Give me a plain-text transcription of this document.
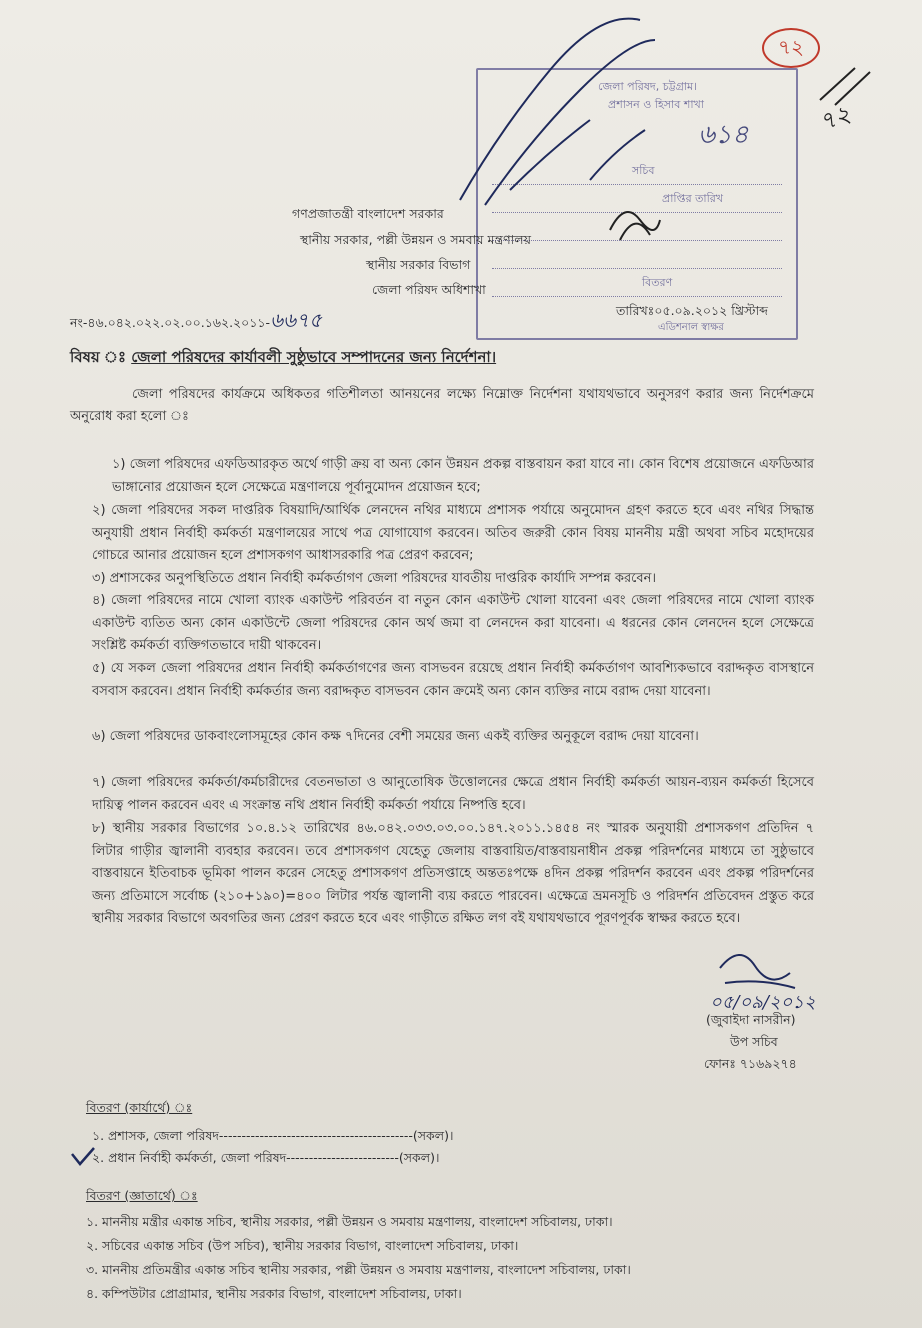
৭২
৭২
জেলা পরিষদ, চট্টগ্রাম।
প্রশাসন ও হিসাব শাখা
৬১৪
সচিব
প্রাপ্তির তারিখ
বিতরণ
এডিশনাল স্বাক্ষর
গণপ্রজাতন্ত্রী বাংলাদেশ সরকার
স্থানীয় সরকার, পল্লী উন্নয়ন ও সমবায় মন্ত্রণালয়
স্থানীয় সরকার বিভাগ
জেলা পরিষদ অধিশাখা
নং-৪৬.০৪২.০২২.০২.০০.১৬২.২০১১-৬৬৭৫	তারিখঃ০৫.০৯.২০১২ খ্রিস্টাব্দ
বিষয় ঃ জেলা পরিষদের কার্যাবলী সুষ্ঠুভাবে সম্পাদনের জন্য নির্দেশনা।
জেলা পরিষদের কার্যক্রমে অধিকতর গতিশীলতা আনয়নের লক্ষ্যে নিম্নোক্ত নির্দেশনা যথাযথভাবে অনুসরণ করার জন্য নির্দেশক্রমে অনুরোধ করা হলো ঃ
১) জেলা পরিষদের এফডিআরকৃত অর্থে গাড়ী ক্রয় বা অন্য কোন উন্নয়ন প্রকল্প বাস্তবায়ন করা যাবে না। কোন বিশেষ প্রয়োজনে এফডিআর ভাঙ্গানোর প্রয়োজন হলে সেক্ষেত্রে মন্ত্রণালয়ে পূর্বানুমোদন প্রয়োজন হবে;
২) জেলা পরিষদের সকল দাপ্তরিক বিষয়াদি/আর্থিক লেনদেন নথির মাধ্যমে প্রশাসক পর্যায়ে অনুমোদন গ্রহণ করতে হবে এবং নথির সিদ্ধান্ত অনুযায়ী প্রধান নির্বাহী কর্মকর্তা মন্ত্রণালয়ের সাথে পত্র যোগাযোগ করবেন। অতিব জরুরী কোন বিষয় মাননীয় মন্ত্রী অথবা সচিব মহোদয়ের গোচরে আনার প্রয়োজন হলে প্রশাসকগণ আধাসরকারি পত্র প্রেরণ করবেন;
৩) প্রশাসকের অনুপস্থিতিতে প্রধান নির্বাহী কর্মকর্তাগণ জেলা পরিষদের যাবতীয় দাপ্তরিক কার্যাদি সম্পন্ন করবেন।
৪) জেলা পরিষদের নামে খোলা ব্যাংক একাউন্ট পরিবর্তন বা নতুন কোন একাউন্ট খোলা যাবেনা এবং জেলা পরিষদের নামে খোলা ব্যাংক একাউন্ট ব্যতিত অন্য কোন একাউন্টে জেলা পরিষদের কোন অর্থ জমা বা লেনদেন করা যাবেনা। এ ধরনের কোন লেনদেন হলে সেক্ষেত্রে সংশ্লিষ্ট কর্মকর্তা ব্যক্তিগতভাবে দায়ী থাকবেন।
৫) যে সকল জেলা পরিষদের প্রধান নির্বাহী কর্মকর্তাগণের জন্য বাসভবন রয়েছে প্রধান নির্বাহী কর্মকর্তাগণ আবশ্যিকভাবে বরাদ্দকৃত বাসস্থানে বসবাস করবেন। প্রধান নির্বাহী কর্মকর্তার জন্য বরাদ্দকৃত বাসভবন কোন ক্রমেই অন্য কোন ব্যক্তির নামে বরাদ্দ দেয়া যাবেনা।
৬) জেলা পরিষদের ডাকবাংলোসমূহের কোন কক্ষ ৭দিনের বেশী সময়ের জন্য একই ব্যক্তির অনুকূলে বরাদ্দ দেয়া যাবেনা।
৭) জেলা পরিষদের কর্মকর্তা/কর্মচারীদের বেতনভাতা ও আনুতোষিক উত্তোলনের ক্ষেত্রে প্রধান নির্বাহী কর্মকর্তা আয়ন-ব্যয়ন কর্মকর্তা হিসেবে দায়িত্ব পালন করবেন এবং এ সংক্রান্ত নথি প্রধান নির্বাহী কর্মকর্তা পর্যায়ে নিষ্পত্তি হবে।
৮) স্থানীয় সরকার বিভাগের ১০.৪.১২ তারিখের ৪৬.০৪২.০৩৩.০৩.০০.১৪৭.২০১১.১৪৫৪ নং স্মারক অনুযায়ী প্রশাসকগণ প্রতিদিন ৭ লিটার গাড়ীর জ্বালানী ব্যবহার করবেন। তবে প্রশাসকগণ যেহেতু জেলায় বাস্তবায়িত/বাস্তবায়নাধীন প্রকল্প পরিদর্শনের মাধ্যমে তা সুষ্ঠুভাবে বাস্তবায়নে ইতিবাচক ভূমিকা পালন করেন সেহেতু প্রশাসকগণ প্রতিসপ্তাহে অন্ততঃপক্ষে ৪দিন প্রকল্প পরিদর্শন করবেন এবং প্রকল্প পরিদর্শনের জন্য প্রতিমাসে সর্বোচ্চ (২১০+১৯০)=৪০০ লিটার পর্যন্ত জ্বালানী ব্যয় করতে পারবেন। এক্ষেত্রে ভ্রমনসূচি ও পরিদর্শন প্রতিবেদন প্রস্তুত করে স্থানীয় সরকার বিভাগে অবগতির জন্য প্রেরণ করতে হবে এবং গাড়ীতে রক্ষিত লগ বই যথাযথভাবে পূরণপূর্বক স্বাক্ষর করতে হবে।
০৫/০৯/২০১২
(জুবাইদা নাসরীন)
উপ সচিব
ফোনঃ ৭১৬৯২৭৪
বিতরণ (কার্যার্থে) ঃ
১. প্রশাসক, জেলা পরিষদ-------------------------------------------(সকল)।
২. প্রধান নির্বাহী কর্মকর্তা, জেলা পরিষদ-------------------------(সকল)।
বিতরণ (জ্ঞাতার্থে) ঃ
১. মাননীয় মন্ত্রীর একান্ত সচিব, স্থানীয় সরকার, পল্লী উন্নয়ন ও সমবায় মন্ত্রণালয়, বাংলাদেশ সচিবালয়, ঢাকা।
২. সচিবের একান্ত সচিব (উপ সচিব), স্থানীয় সরকার বিভাগ, বাংলাদেশ সচিবালয়, ঢাকা।
৩. মাননীয় প্রতিমন্ত্রীর একান্ত সচিব স্থানীয় সরকার, পল্লী উন্নয়ন ও সমবায় মন্ত্রণালয়, বাংলাদেশ সচিবালয়, ঢাকা।
৪. কম্পিউটার প্রোগ্রামার, স্থানীয় সরকার বিভাগ, বাংলাদেশ সচিবালয়, ঢাকা।
